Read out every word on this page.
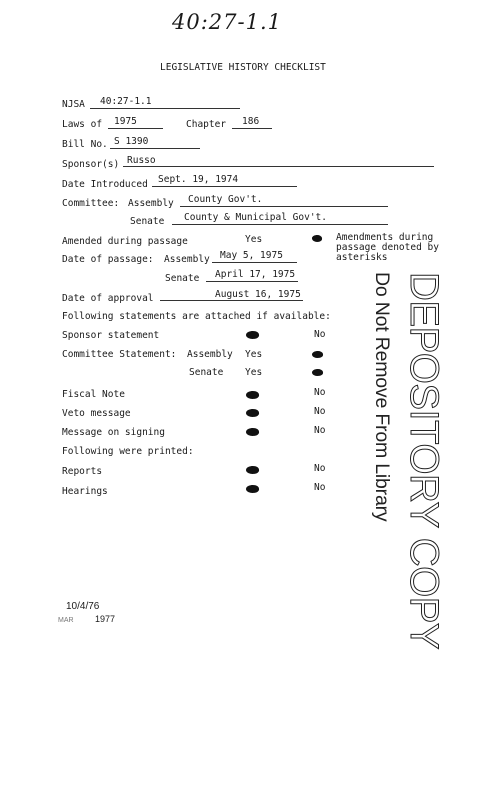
40:27-1.1
LEGISLATIVE HISTORY CHECKLIST
NJSA 40:27-1.1
Laws of 1975	Chapter 186
Bill No. S 1390
Sponsor(s) Russo
Date Introduced Sept. 19, 1974
Committee: Assembly County Gov't.
Senate County & Municipal Gov't.
Amended during passage	Yes	Amendments during
passage denoted by
asterisks
Date of passage: Assembly May 5, 1975
Senate April 17, 1975
Date of approval	August 16, 1975
Following statements are attached if available:
Sponsor statement	No
Committee Statement: Assembly Yes
Senate Yes
Fiscal Note	No
Veto message	No
Message on signing	No
Following were printed:
Reports	No
Hearings	No DEPOSITORY COPY
Do Not Remove From Library
10/4/76
MAR 1977
